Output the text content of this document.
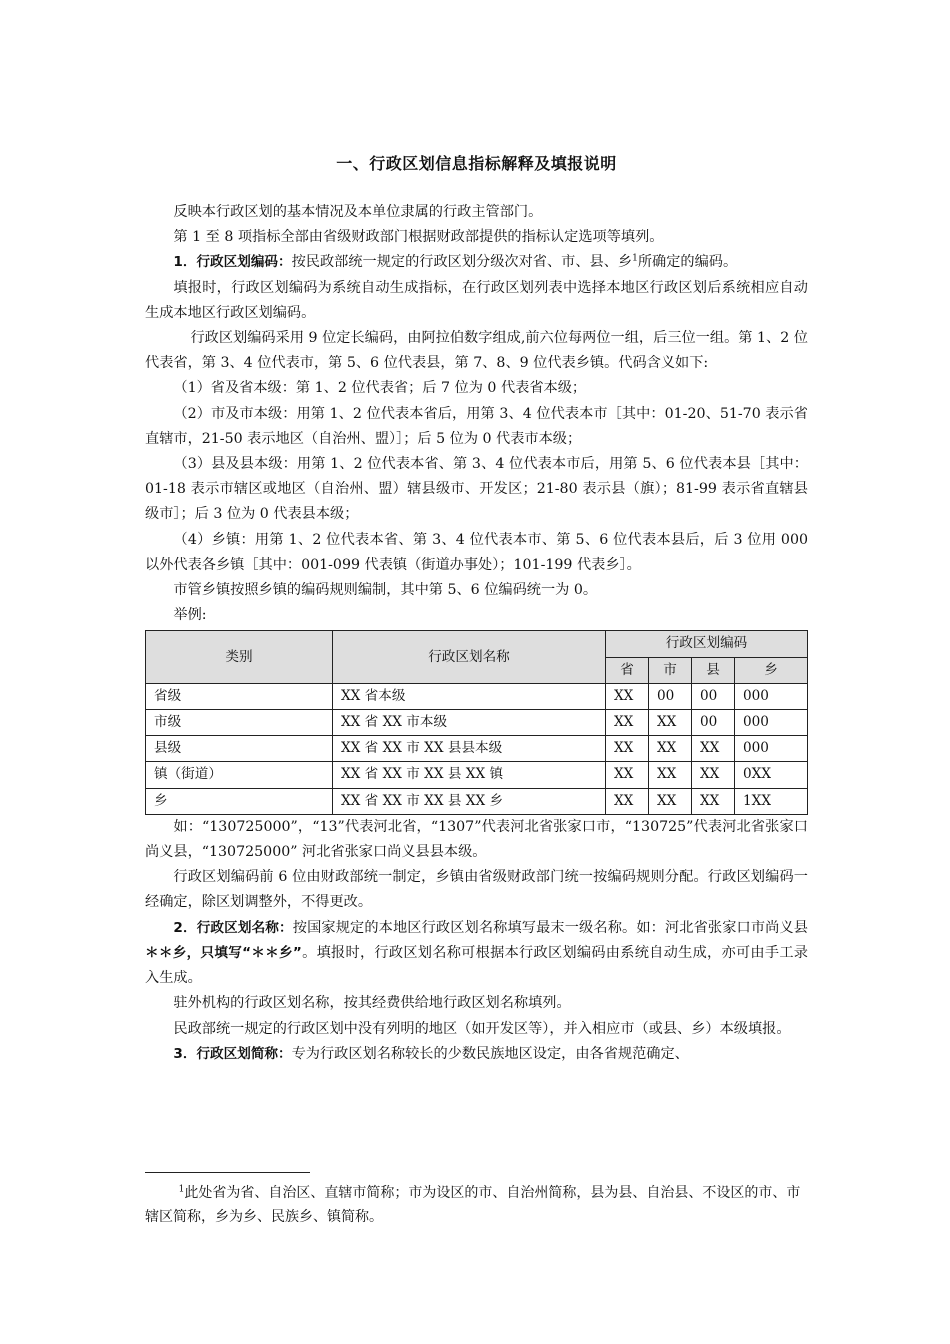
一、行政区划信息指标解释及填报说明

反映本行政区划的基本情况及本单位隶属的行政主管部门。

第 1 至 8 项指标全部由省级财政部门根据财政部提供的指标认定选项等填列。

1．行政区划编码：按民政部统一规定的行政区划分级次对省、市、县、乡$^1$所确定的编码。

填报时，行政区划编码为系统自动生成指标，在行政区划列表中选择本地区行政区划后系统相应自动生成本地区行政区划编码。

行政区划编码采用 9 位定长编码，由阿拉伯数字组成,前六位每两位一组，后三位一组。第 1、2 位代表省，第 3、4 位代表市，第 5、6 位代表县，第 7、8、9 位代表乡镇。代码含义如下:

（1）省及省本级：第 1、2 位代表省；后 7 位为 0 代表省本级；

（2）市及市本级：用第 1、2 位代表本省后，用第 3、4 位代表本市［其中：01-20、51-70 表示省直辖市，21-50 表示地区（自治州、盟）］；后 5 位为 0 代表市本级；

（3）县及县本级：用第 1、2 位代表本省、第 3、4 位代表本市后，用第 5、6 位代表本县［其中：01-18 表示市辖区或地区（自治州、盟）辖县级市、开发区；21-80 表示县（旗）；81-99 表示省直辖县级市］；后 3 位为 0 代表县本级；

（4）乡镇：用第 1、2 位代表本省、第 3、4 位代表本市、第 5、6 位代表本县后，后 3 位用 000 以外代表各乡镇［其中：001-099 代表镇（街道办事处）；101-199 代表乡］。

市管乡镇按照乡镇的编码规则编制，其中第 5、6 位编码统一为 0。

举例:

类别	行政区划名称	行政区划编码			
		省	市	县	乡
省级	XX 省本级	XX	00	00	000
市级	XX 省 XX 市本级	XX	XX	00	000
县级	XX 省 XX 市 XX 县县本级	XX	XX	XX	000
镇（街道）	XX 省 XX 市 XX 县 XX 镇	XX	XX	XX	0XX
乡	XX 省 XX 市 XX 县 XX 乡	XX	XX	XX	1XX

如：“130725000”，“13”代表河北省，“1307”代表河北省张家口市，“130725”代表河北省张家口尚义县，“130725000” 河北省张家口尚义县县本级。

行政区划编码前 6 位由财政部统一制定，乡镇由省级财政部门统一按编码规则分配。行政区划编码一经确定，除区划调整外，不得更改。

2．行政区划名称：按国家规定的本地区行政区划名称填写最末一级名称。如：河北省张家口市尚义县＊＊乡，只填写“＊＊乡”。填报时，行政区划名称可根据本行政区划编码由系统自动生成，亦可由手工录入生成。

驻外机构的行政区划名称，按其经费供给地行政区划名称填列。

民政部统一规定的行政区划中没有列明的地区（如开发区等），并入相应市（或县、乡）本级填报。

3．行政区划简称：专为行政区划名称较长的少数民族地区设定，由各省规范确定、

$^1$此处省为省、自治区、直辖市简称；市为设区的市、自治州简称，县为县、自治县、不设区的市、市辖区简称，乡为乡、民族乡、镇简称。
